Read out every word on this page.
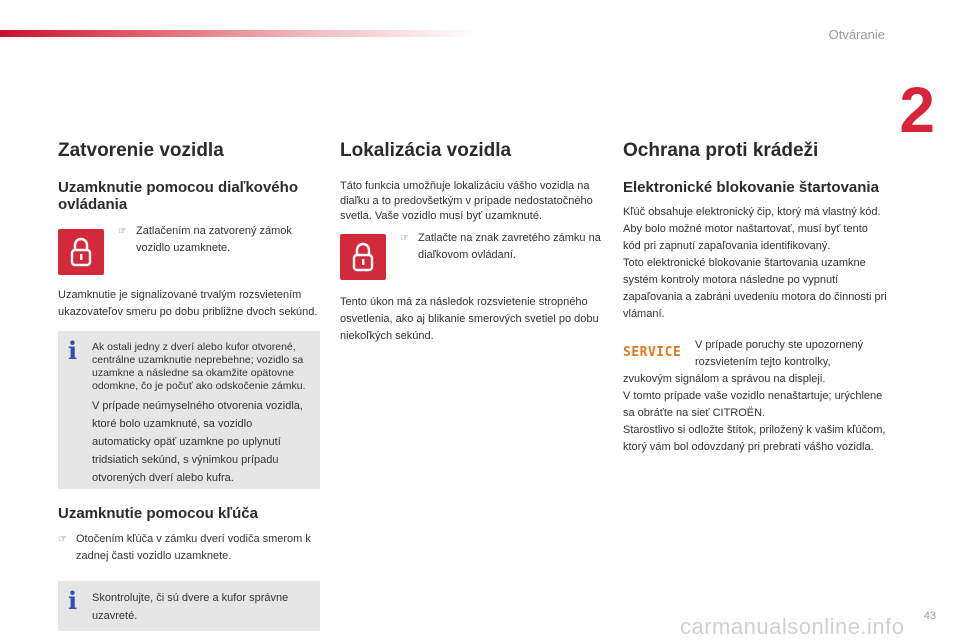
Otváranie
2
Zatvorenie vozidla
Uzamknutie pomocou diaľkového ovládania
☞ Zatlačením na zatvorený zámok vozidlo uzamknete.

Uzamknutie je signalizované trvalým rozsvietením ukazovateľov smeru po dobu približne dvoch sekúnd.

i Ak ostali jedny z dverí alebo kufor otvorené, centrálne uzamknutie neprebehne; vozidlo sa uzamkne a následne sa okamžite opätovne odomkne, čo je počuť ako odskočenie zámku.
V prípade neúmyselného otvorenia vozidla, ktoré bolo uzamknuté, sa vozidlo automaticky opäť uzamkne po uplynutí tridsiatich sekúnd, s výnimkou prípadu otvorených dverí alebo kufra.
Uzamknutie pomocou kľúča
☞ Otočením kľúča v zámku dverí vodiča smerom k zadnej časti vozidlo uzamknete.
i Skontrolujte, či sú dvere a kufor správne uzavreté.
Lokalizácia vozidla

Táto funkcia umožňuje lokalizáciu vášho vozidla na diaľku a to predovšetkým v prípade nedostatočného svetla. Vaše vozidlo musí byť uzamknuté.

☞ Zatlačte na znak zavretého zámku na diaľkovom ovládaní.

Tento úkon má za následok rozsvietenie stropného osvetlenia, ako aj blikanie smerových svetiel po dobu niekoľkých sekúnd.

Ochrana proti krádeži
Elektronické blokovanie štartovania

Kľúč obsahuje elektronický čip, ktorý má vlastný kód. Aby bolo možné motor naštartovať, musí byť tento kód pri zapnutí zapaľovania identifikovaný.

Toto elektronické blokovanie štartovania uzamkne systém kontroly motora následne po vypnutí zapaľovania a zabráni uvedeniu motora do činnosti pri vlámaní.

SERVICE V prípade poruchy ste upozornený rozsvietením tejto kontrolky,

zvukovým signálom a správou na displeji.

V tomto prípade vaše vozidlo nenaštartuje; urýchlene sa obráťte na sieť CITROËN.

Starostlivo si odložte štítok, priložený k vašim kľúčom, ktorý vám bol odovzdaný pri prebratí vášho vozidla.

43
carmanualsonline.info
